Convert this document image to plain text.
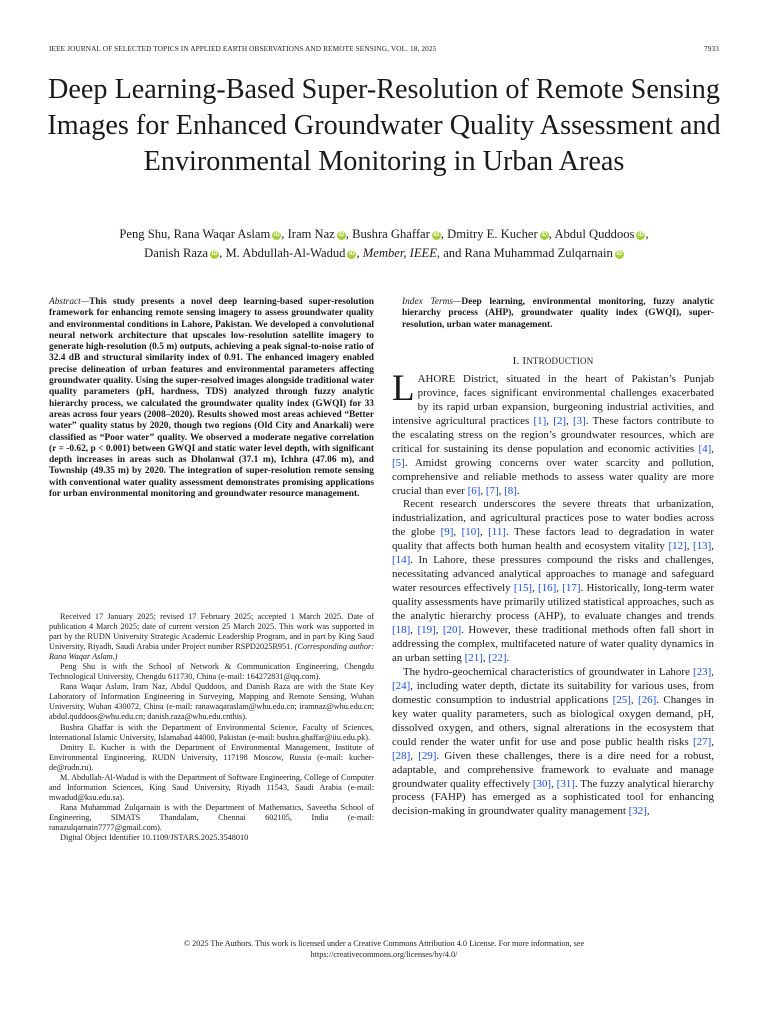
IEEE JOURNAL OF SELECTED TOPICS IN APPLIED EARTH OBSERVATIONS AND REMOTE SENSING, VOL. 18, 2025	7933
Deep Learning-Based Super-Resolution of Remote Sensing Images for Enhanced Groundwater Quality Assessment and Environmental Monitoring in Urban Areas
Peng Shu, Rana Waqar Aslam iD , Iram Naz iD , Bushra Ghaffar iD , Dmitry E. Kucher iD , Abdul Quddoos iD ,
Danish Raza iD , M. Abdullah-Al-Wadud iD , Member, IEEE, and Rana Muhammad Zulqarnain iD
Abstract—This study presents a novel deep learning-based super-resolution framework for enhancing remote sensing imagery to assess groundwater quality and environmental conditions in Lahore, Pakistan. We developed a convolutional neural network architecture that upscales low-resolution satellite imagery to generate high-resolution (0.5 m) outputs, achieving a peak signal-to-noise ratio of 32.4 dB and structural similarity index of 0.91. The enhanced imagery enabled precise delineation of urban features and environmental parameters affecting groundwater quality. Using the super-resolved images alongside traditional water quality parameters (pH, hardness, TDS) analyzed through fuzzy analytic hierarchy process, we calculated the groundwater quality index (GWQI) for 33 areas across four years (2008–2020). Results showed most areas achieved “Better water” quality status by 2020, though two regions (Old City and Anarkali) were classified as “Poor water” quality. We observed a moderate negative correlation (r = -0.62, p < 0.001) between GWQI and static water level depth, with significant depth increases in areas such as Dholanwal (37.1 m), Ichhra (47.06 m), and Township (49.35 m) by 2020. The integration of super-resolution remote sensing with conventional water quality assessment demonstrates promising applications for urban environmental monitoring and groundwater resource management.

Received 17 January 2025; revised 17 February 2025; accepted 1 March 2025. Date of publication 4 March 2025; date of current version 25 March 2025. This work was supported in part by the RUDN University Strategic Academic Leadership Program, and in part by King Saud University, Riyadh, Saudi Arabia under Project number RSPD2025R951. (Corresponding author: Rana Waqar Aslam.)

Peng Shu is with the School of Network & Communication Engineering, Chengdu Technological University, Chengdu 611730, China (e-mail: 164272831@qq.com).

Rana Waqar Aslam, Iram Naz, Abdul Quddoos, and Danish Raza are with the State Key Laboratory of Information Engineering in Surveying, Mapping and Remote Sensing, Wuhan University, Wuhan 430072, China (e-mail: ranawaqaraslam@whu.edu.cn; iramnaz@whu.edu.cn; abdul.quddoos@whu.edu.cn; danish.raza@whu.edu.cnthis).

Bushra Ghaffar is with the Department of Environmental Science, Faculty of Sciences, International Islamic University, Islamabad 44000, Pakistan (e-mail: bushra.ghaffar@iiu.edu.pk).

Dmitry E. Kucher is with the Department of Environmental Management, Institute of Environmental Engineering, RUDN University, 117198 Moscow, Russia (e-mail: kucher-de@rudn.ru).

M. Abdullah-Al-Wadud is with the Department of Software Engineering, College of Computer and Information Sciences, King Saud University, Riyadh 11543, Saudi Arabia (e-mail: mwadud@ksu.edu.sa).

Rana Muhammad Zulqarnain is with the Department of Mathematics, Saveetha School of Engineering, SIMATS Thandalam, Chennai 602105, India (e-mail: ranazulqarnain7777@gmail.com).

Digital Object Identifier 10.1109/JSTARS.2025.3548010

Index Terms—Deep learning, environmental monitoring, fuzzy analytic hierarchy process (AHP), groundwater quality index (GWQI), super-resolution, urban water management.
I. INTRODUCTION

LAHORE District, situated in the heart of Pakistan’s Punjab province, faces significant environmental challenges exacerbated by its rapid urban expansion, burgeoning industrial activities, and intensive agricultural practices [1], [2], [3]. These factors contribute to the escalating stress on the region’s groundwater resources, which are critical for sustaining its dense population and economic activities [4], [5]. Amidst growing concerns over water scarcity and pollution, comprehensive and reliable methods to assess water quality are more crucial than ever [6], [7], [8].

Recent research underscores the severe threats that urbanization, industrialization, and agricultural practices pose to water bodies across the globe [9], [10], [11]. These factors lead to degradation in water quality that affects both human health and ecosystem vitality [12], [13], [14]. In Lahore, these pressures compound the risks and challenges, necessitating advanced analytical approaches to manage and safeguard water resources effectively [15], [16], [17]. Historically, long-term water quality assessments have primarily utilized statistical approaches, such as the analytic hierarchy process (AHP), to evaluate changes and trends [18], [19], [20]. However, these traditional methods often fall short in addressing the complex, multifaceted nature of water quality dynamics in an urban setting [21], [22].

The hydro-geochemical characteristics of groundwater in Lahore [23], [24], including water depth, dictate its suitability for various uses, from domestic consumption to industrial applications [25], [26]. Changes in key water quality parameters, such as biological oxygen demand, pH, dissolved oxygen, and others, signal alterations in the ecosystem that could render the water unfit for use and pose public health risks [27], [28], [29]. Given these challenges, there is a dire need for a robust, adaptable, and comprehensive framework to evaluate and manage groundwater quality effectively [30], [31]. The fuzzy analytical hierarchy process (FAHP) has emerged as a sophisticated tool for enhancing decision-making in groundwater quality management [32],

© 2025 The Authors. This work is licensed under a Creative Commons Attribution 4.0 License. For more information, see
https://creativecommons.org/licenses/by/4.0/
